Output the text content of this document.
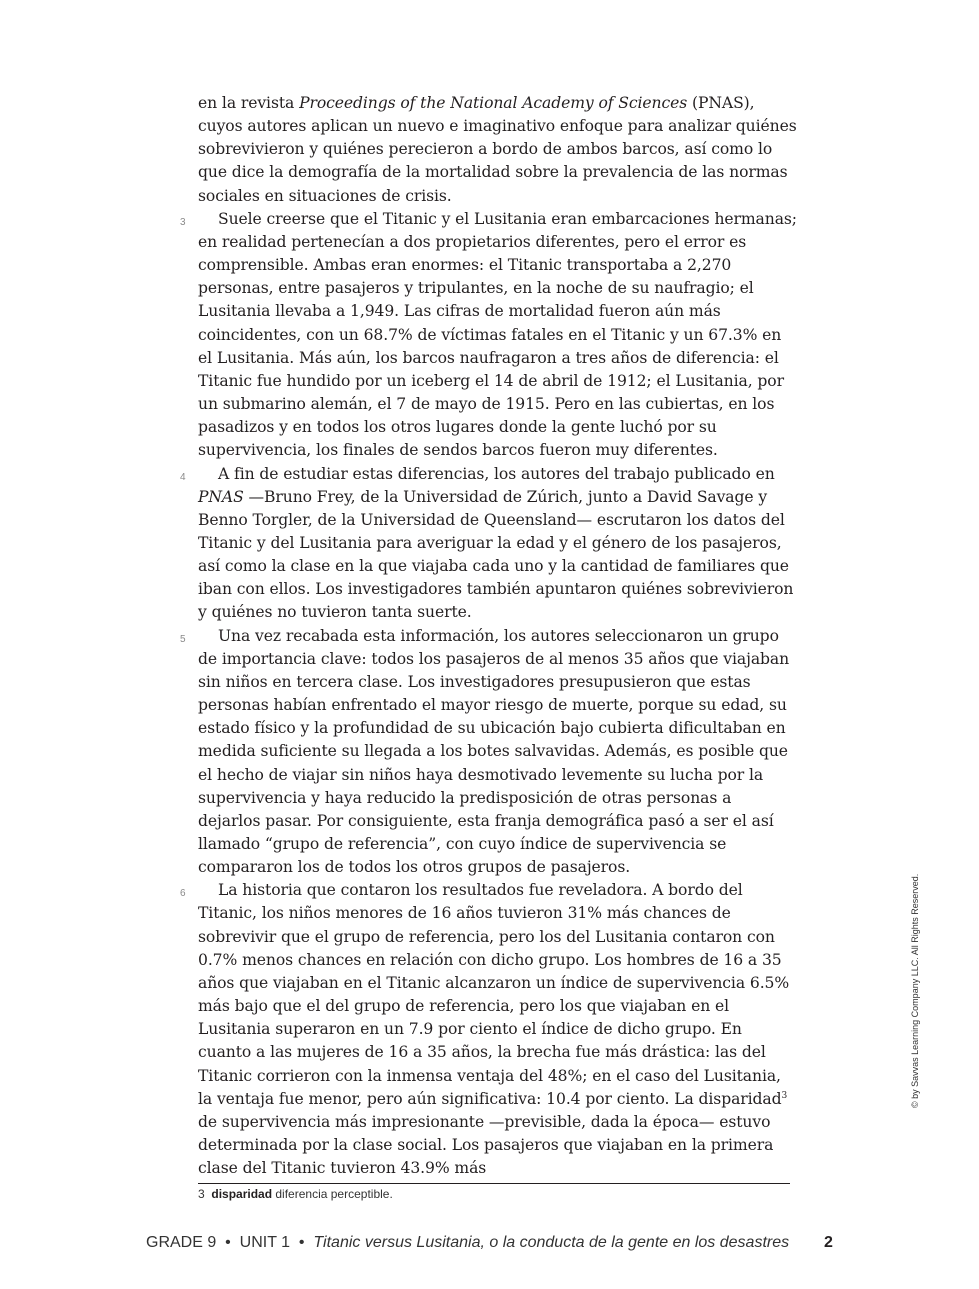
en la revista Proceedings of the National Academy of Sciences (PNAS), cuyos autores aplican un nuevo e imaginativo enfoque para analizar quiénes sobrevivieron y quiénes perecieron a bordo de ambos barcos, así como lo que dice la demografía de la mortalidad sobre la prevalencia de las normas sociales en situaciones de crisis.

3 Suele creerse que el Titanic y el Lusitania eran embarcaciones hermanas; en realidad pertenecían a dos propietarios diferentes, pero el error es comprensible. Ambas eran enormes: el Titanic transportaba a 2,270 personas, entre pasajeros y tripulantes, en la noche de su naufragio; el Lusitania llevaba a 1,949. Las cifras de mortalidad fueron aún más coincidentes, con un 68.7% de víctimas fatales en el Titanic y un 67.3% en el Lusitania. Más aún, los barcos naufragaron a tres años de diferencia: el Titanic fue hundido por un iceberg el 14 de abril de 1912; el Lusitania, por un submarino alemán, el 7 de mayo de 1915. Pero en las cubiertas, en los pasadizos y en todos los otros lugares donde la gente luchó por su supervivencia, los finales de sendos barcos fueron muy diferentes.

4 A fin de estudiar estas diferencias, los autores del trabajo publicado en PNAS —Bruno Frey, de la Universidad de Zúrich, junto a David Savage y Benno Torgler, de la Universidad de Queensland— escrutaron los datos del Titanic y del Lusitania para averiguar la edad y el género de los pasajeros, así como la clase en la que viajaba cada uno y la cantidad de familiares que iban con ellos. Los investigadores también apuntaron quiénes sobrevivieron y quiénes no tuvieron tanta suerte.

5 Una vez recabada esta información, los autores seleccionaron un grupo de importancia clave: todos los pasajeros de al menos 35 años que viajaban sin niños en tercera clase. Los investigadores presupusieron que estas personas habían enfrentado el mayor riesgo de muerte, porque su edad, su estado físico y la profundidad de su ubicación bajo cubierta dificultaban en medida suficiente su llegada a los botes salvavidas. Además, es posible que el hecho de viajar sin niños haya desmotivado levemente su lucha por la supervivencia y haya reducido la predisposición de otras personas a dejarlos pasar. Por consiguiente, esta franja demográfica pasó a ser el así llamado “grupo de referencia”, con cuyo índice de supervivencia se compararon los de todos los otros grupos de pasajeros.

6 La historia que contaron los resultados fue reveladora. A bordo del Titanic, los niños menores de 16 años tuvieron 31% más chances de sobrevivir que el grupo de referencia, pero los del Lusitania contaron con 0.7% menos chances en relación con dicho grupo. Los hombres de 16 a 35 años que viajaban en el Titanic alcanzaron un índice de supervivencia 6.5% más bajo que el del grupo de referencia, pero los que viajaban en el Lusitania superaron en un 7.9 por ciento el índice de dicho grupo. En cuanto a las mujeres de 16 a 35 años, la brecha fue más drástica: las del Titanic corrieron con la inmensa ventaja del 48%; en el caso del Lusitania, la ventaja fue menor, pero aún significativa: 10.4 por ciento. La disparidad$^3$ de supervivencia más impresionante —previsible, dada la época— estuvo determinada por la clase social. Los pasajeros que viajaban en la primera clase del Titanic tuvieron 43.9% más

3 disparidad diferencia perceptible.
GRADE 9 • UNIT 1 • Titanic versus Lusitania, o la conducta de la gente en los desastres	2
© by Savvas Learning Company LLC. All Rights Reserved.
